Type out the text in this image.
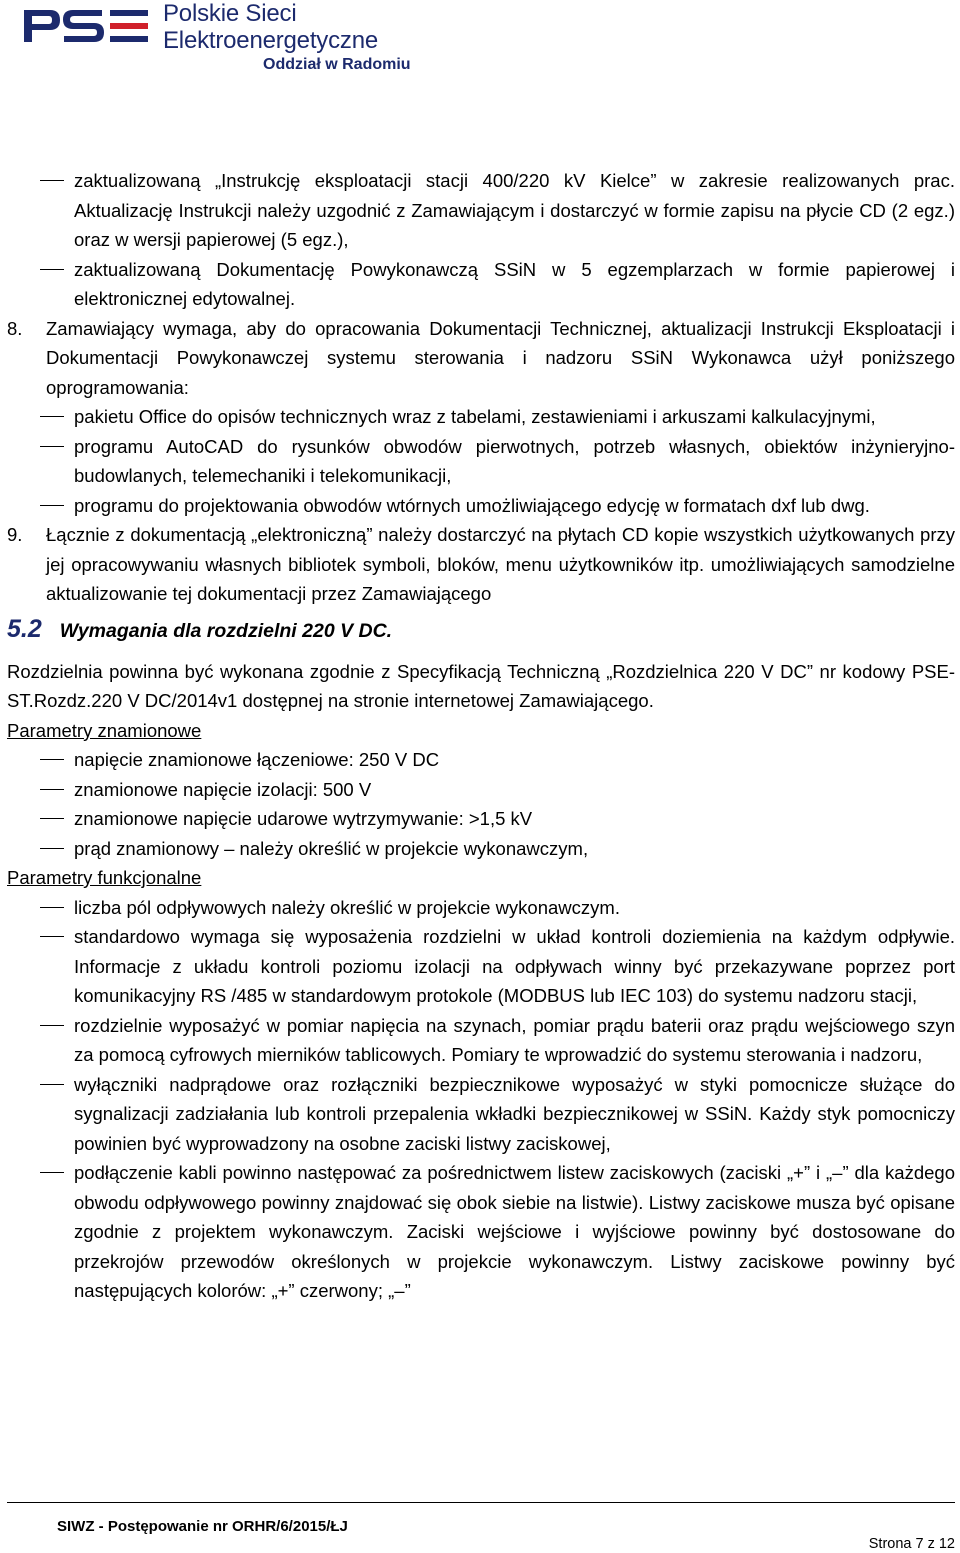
Polskie Sieci
Elektroenergetyczne
Oddział w Radomiu
zaktualizowaną „Instrukcję eksploatacji stacji 400/220 kV Kielce” w zakresie realizowanych prac. Aktualizację Instrukcji należy uzgodnić z Zamawiającym i dostarczyć w formie zapisu na płycie CD (2 egz.) oraz w wersji papierowej (5 egz.),
zaktualizowaną Dokumentację Powykonawczą SSiN w 5 egzemplarzach w formie papierowej i elektronicznej edytowalnej.
8. Zamawiający wymaga, aby do opracowania Dokumentacji Technicznej, aktualizacji Instrukcji Eksploatacji i Dokumentacji Powykonawczej systemu sterowania i nadzoru SSiN Wykonawca użył poniższego oprogramowania:
pakietu Office do opisów technicznych wraz z tabelami, zestawieniami i arkuszami kalkulacyjnymi,
programu AutoCAD do rysunków obwodów pierwotnych, potrzeb własnych, obiektów inżynieryjno-budowlanych, telemechaniki i telekomunikacji,
programu do projektowania obwodów wtórnych umożliwiającego edycję w formatach dxf lub dwg.
9. Łącznie z dokumentacją „elektroniczną” należy dostarczyć na płytach CD kopie wszystkich użytkowanych przy jej opracowywaniu własnych bibliotek symboli, bloków, menu użytkowników itp. umożliwiających samodzielne aktualizowanie tej dokumentacji przez Zamawiającego
5.2 Wymagania dla rozdzielni 220 V DC.
Rozdzielnia powinna być wykonana zgodnie z Specyfikacją Techniczną „Rozdzielnica 220 V DC” nr kodowy PSE-ST.Rozdz.220 V DC/2014v1 dostępnej na stronie internetowej Zamawiającego.
Parametry znamionowe
napięcie znamionowe łączeniowe: 250 V DC
znamionowe napięcie izolacji: 500 V
znamionowe napięcie udarowe wytrzymywanie: >1,5 kV
prąd znamionowy – należy określić w projekcie wykonawczym,
Parametry funkcjonalne
liczba pól odpływowych należy określić w projekcie wykonawczym.
standardowo wymaga się wyposażenia rozdzielni w układ kontroli doziemienia na każdym odpływie. Informacje z układu kontroli poziomu izolacji na odpływach winny być przekazywane poprzez port komunikacyjny RS /485 w standardowym protokole (MODBUS lub IEC 103) do systemu nadzoru stacji,
rozdzielnie wyposażyć w pomiar napięcia na szynach, pomiar prądu baterii oraz prądu wejściowego szyn za pomocą cyfrowych mierników tablicowych. Pomiary te wprowadzić do systemu sterowania i nadzoru,
wyłączniki nadprądowe oraz rozłączniki bezpiecznikowe wyposażyć w styki pomocnicze służące do sygnalizacji zadziałania lub kontroli przepalenia wkładki bezpiecznikowej w SSiN. Każdy styk pomocniczy powinien być wyprowadzony na osobne zaciski listwy zaciskowej,
podłączenie kabli powinno następować za pośrednictwem listew zaciskowych (zaciski „+” i „–” dla każdego obwodu odpływowego powinny znajdować się obok siebie na listwie). Listwy zaciskowe musza być opisane zgodnie z projektem wykonawczym. Zaciski wejściowe i wyjściowe powinny być dostosowane do przekrojów przewodów określonych w projekcie wykonawczym. Listwy zaciskowe powinny być następujących kolorów: „+” czerwony; „–”
SIWZ - Postępowanie nr ORHR/6/2015/ŁJ
Strona 7 z 12
